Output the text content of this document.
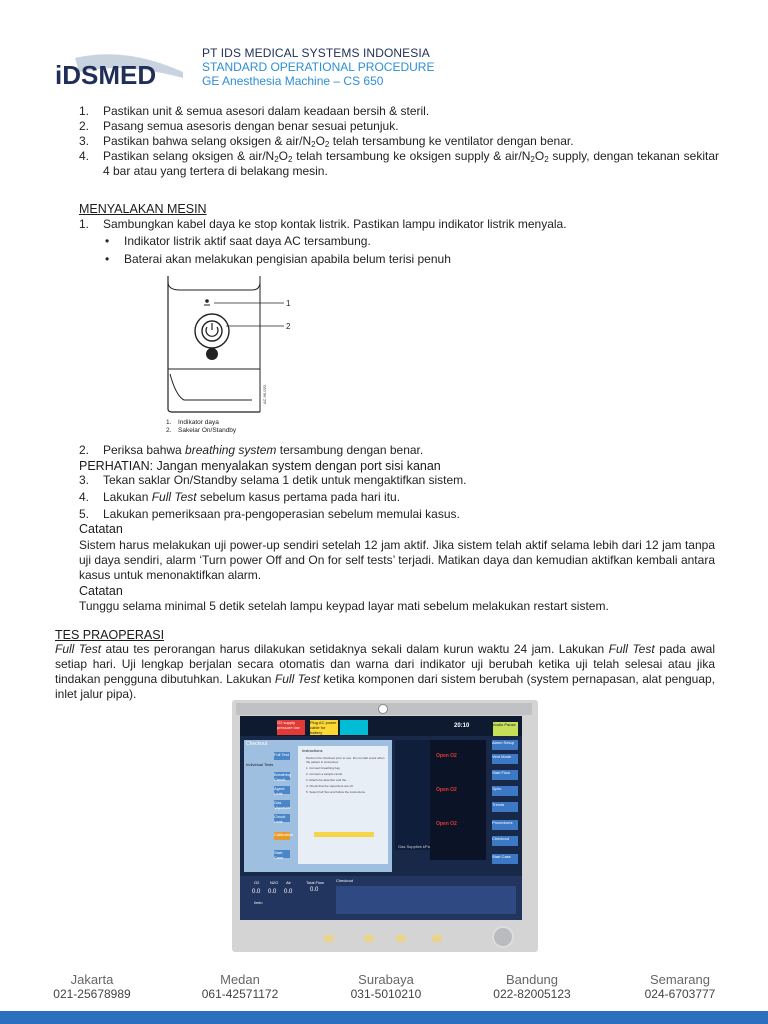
iDSMED
PT IDS MEDICAL SYSTEMS INDONESIA
STANDARD OPERATIONAL PROCEDURE
GE Anesthesia Machine – CS 650
1. Pastikan unit & semua asesori dalam keadaan bersih & steril.
2. Pasang semua asesoris dengan benar sesuai petunjuk.
3. Pastikan bahwa selang oksigen & air/$N_2O_2$ telah tersambung ke ventilator dengan benar.
4. Pastikan selang oksigen & air/$N_2O_2$ telah tersambung ke oksigen supply & air/$N_2O_2$ supply, dengan tekanan sekitar 4 bar atau yang tertera di belakang mesin.
MENYALAKAN MESIN
1. Sambungkan kabel daya ke stop kontak listrik. Pastikan lampu indikator listrik menyala.
• Indikator listrik aktif saat daya AC tersambung.
• Baterai akan melakukan pengisian apabila belum terisi penuh
AC.96.020
1
2
1. Indikator daya
2. Sakelar On/Standby
2. Periksa bahwa breathing system tersambung dengan benar.
PERHATIAN: Jangan menyalakan system dengan port sisi kanan
3. Tekan saklar On/Standby selama 1 detik untuk mengaktifkan sistem.
4. Lakukan Full Test sebelum kasus pertama pada hari itu.
5. Lakukan pemeriksaan pra-pengoperasian sebelum memulai kasus.
Catatan
Sistem harus melakukan uji power-up sendiri setelah 12 jam aktif. Jika sistem telah aktif selama lebih dari 12 jam tanpa uji daya sendiri, alarm ‘Turn power Off and On for self tests’ terjadi. Matikan daya dan kemudian aktifkan kembali antara kasus untuk menonaktifkan alarm.
Catatan
Tunggu selama minimal 5 detik setelah lampu keypad layar mati sebelum melakukan restart sistem.
TES PRAOPERASI
Full Test atau tes perorangan harus dilakukan setidaknya sekali dalam kurun waktu 24 jam. Lakukan Full Test pada awal setiap hari. Uji lengkap berjalan secara otomatis dan warna dari indikator uji berubah ketika uji telah selesai atau jika tindakan pengguna dibutuhkan. Lakukan Full Test ketika komponen dari sistem berubah (system pernapasan, alat penguap, inlet jalur pipa).
O2 supply pressure low
Plug AC power cable for battery
20:10	Audio Pause
Checkout
Individual Tests
Full Test
Breathing Circuit
Agent Leak
Gas Vaporizer
Circuit Leak
Calibration
Start Case
Instructions
Perform the Checkout prior to use. Do not start a test when the patient is connected.
1. Connect breathing bag
2. Connect a sample circuit
3. Attach the absorber and the ...
4. Check that the vaporizers are off
5. Select Full Test and follow the instructions.
Open O2
Open O2
Open O2
Gas Supplies kPa
Alarm Setup
Vent Mode
Start Flow
Spiro
Trends
Procedures
Checkout
Start Case
O2	N2O Air	Total Flow
0.0 0.0 0.0	0.0
l/min
Checkout
Jakarta
021-25678989
Medan
061-42571172
Surabaya
031-5010210
Bandung
022-82005123
Semarang
024-6703777
